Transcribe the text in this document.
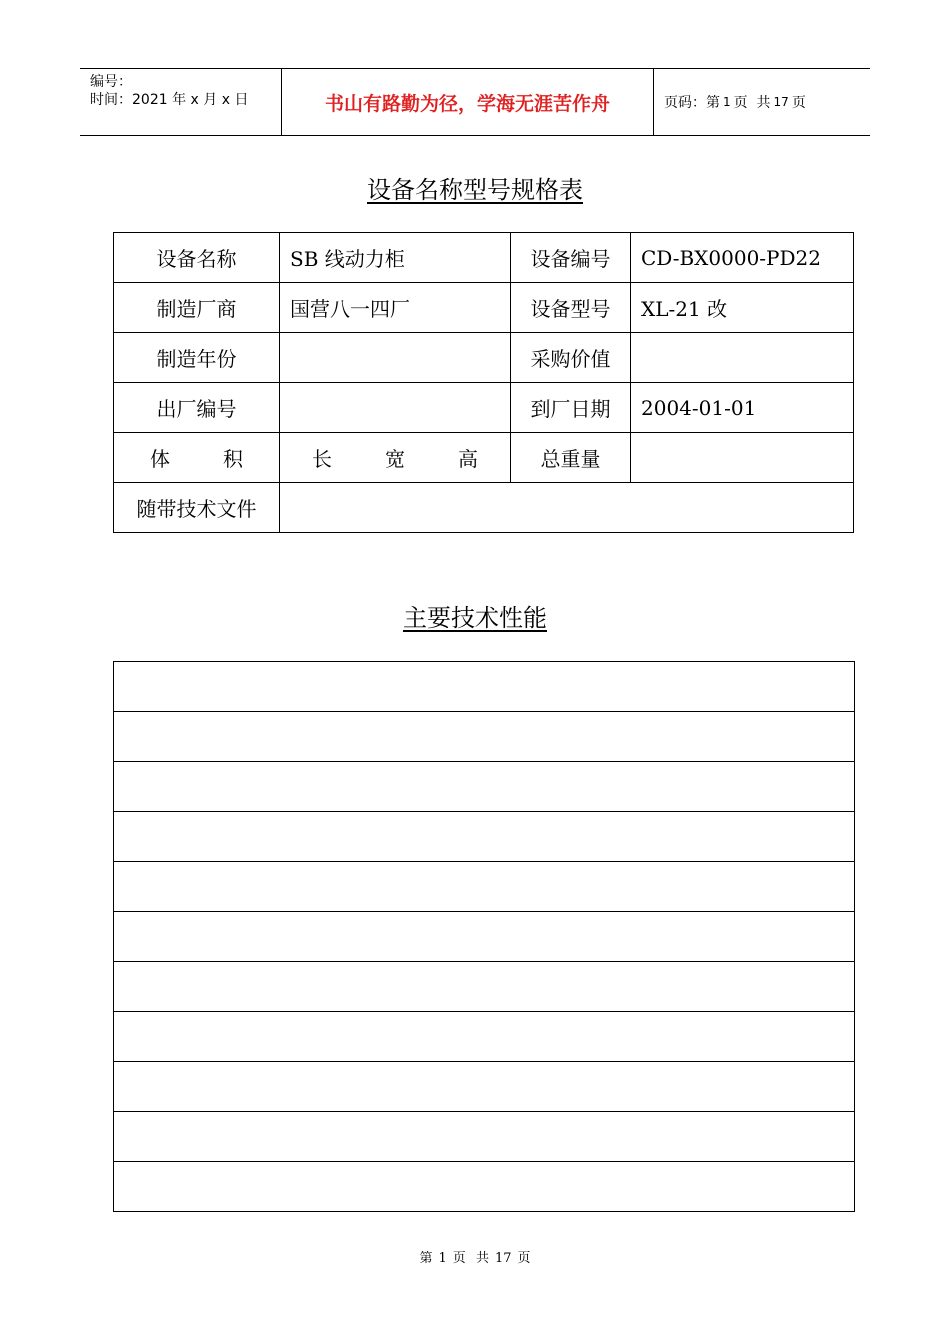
编号：
时间：2021 年 x 月 x 日	书山有路勤为径，学海无涯苦作舟	页码：第 1 页  共 17 页
设备名称型号规格表
设备名称	SB 线动力柜	设备编号	CD-BX0000-PD22
制造厂商	国营八一四厂	设备型号	XL-21 改
制造年份		采购价值	
出厂编号		到厂日期	2004-01-01

体 积	长 宽 高	总重量	
随带技术文件			
主要技术性能

第 1 页 共 17 页
